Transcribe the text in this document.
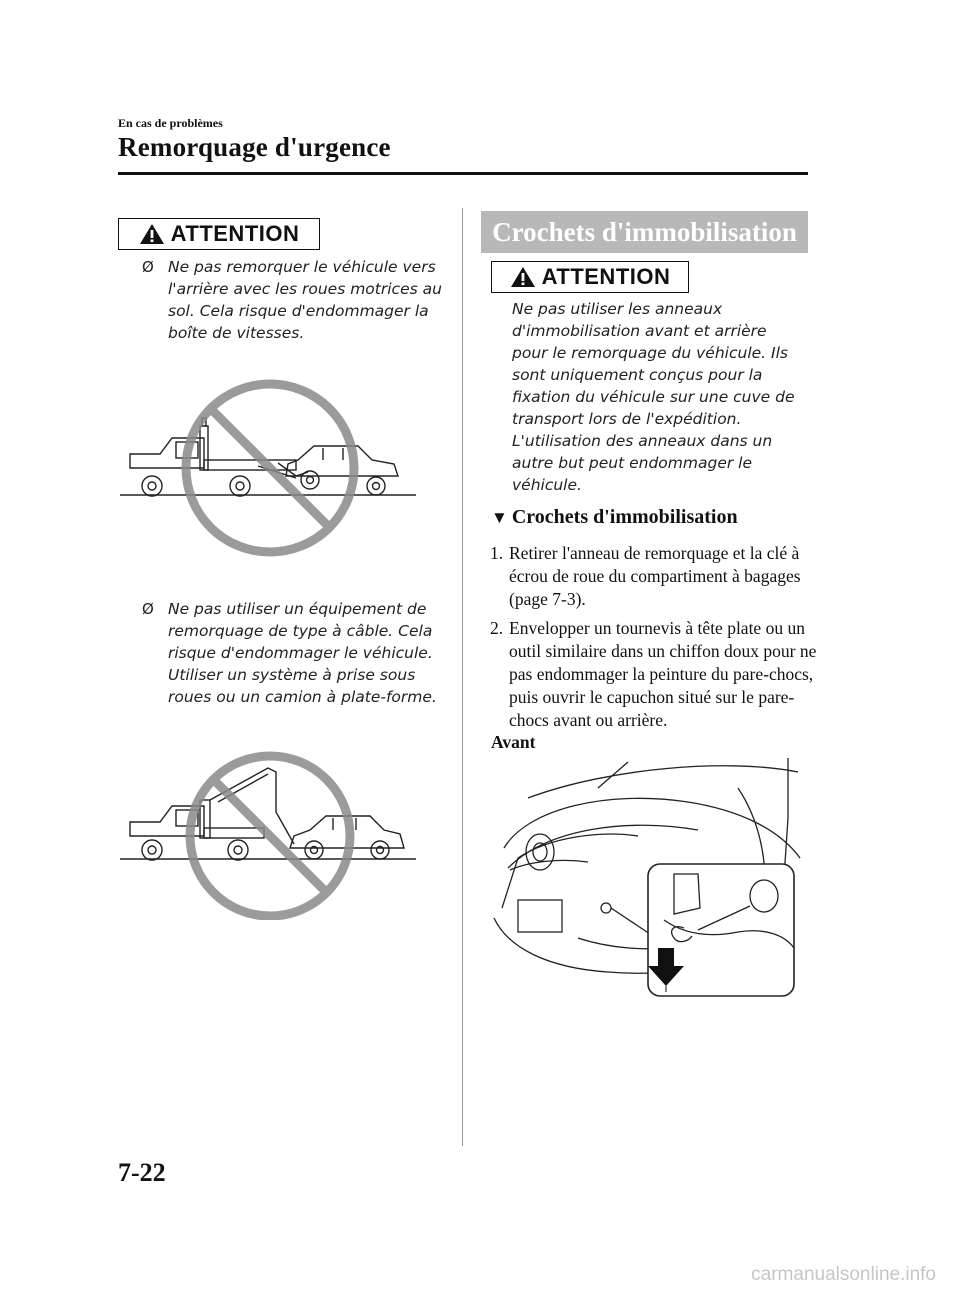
En cas de problèmes
Remorquage d'urgence
ATTENTION
Ø Ne pas remorquer le véhicule vers l'arrière avec les roues motrices au sol. Cela risque d'endommager la boîte de vitesses.
Ø Ne pas utiliser un équipement de remorquage de type à câble. Cela risque d'endommager le véhicule. Utiliser un système à prise sous roues ou un camion à plate-forme.
Crochets d'immobilisation
ATTENTION
Ne pas utiliser les anneaux d'immobilisation avant et arrière pour le remorquage du véhicule. Ils sont uniquement conçus pour la fixation du véhicule sur une cuve de transport lors de l'expédition. L'utilisation des anneaux dans un autre but peut endommager le véhicule.
▼ Crochets d'immobilisation
1. Retirer l'anneau de remorquage et la clé à écrou de roue du compartiment à bagages (page 7-3).
2. Envelopper un tournevis à tête plate ou un outil similaire dans un chiffon doux pour ne pas endommager la peinture du pare-chocs, puis ouvrir le capuchon situé sur le pare-chocs avant ou arrière.
Avant
7-22
carmanualsonline.info
